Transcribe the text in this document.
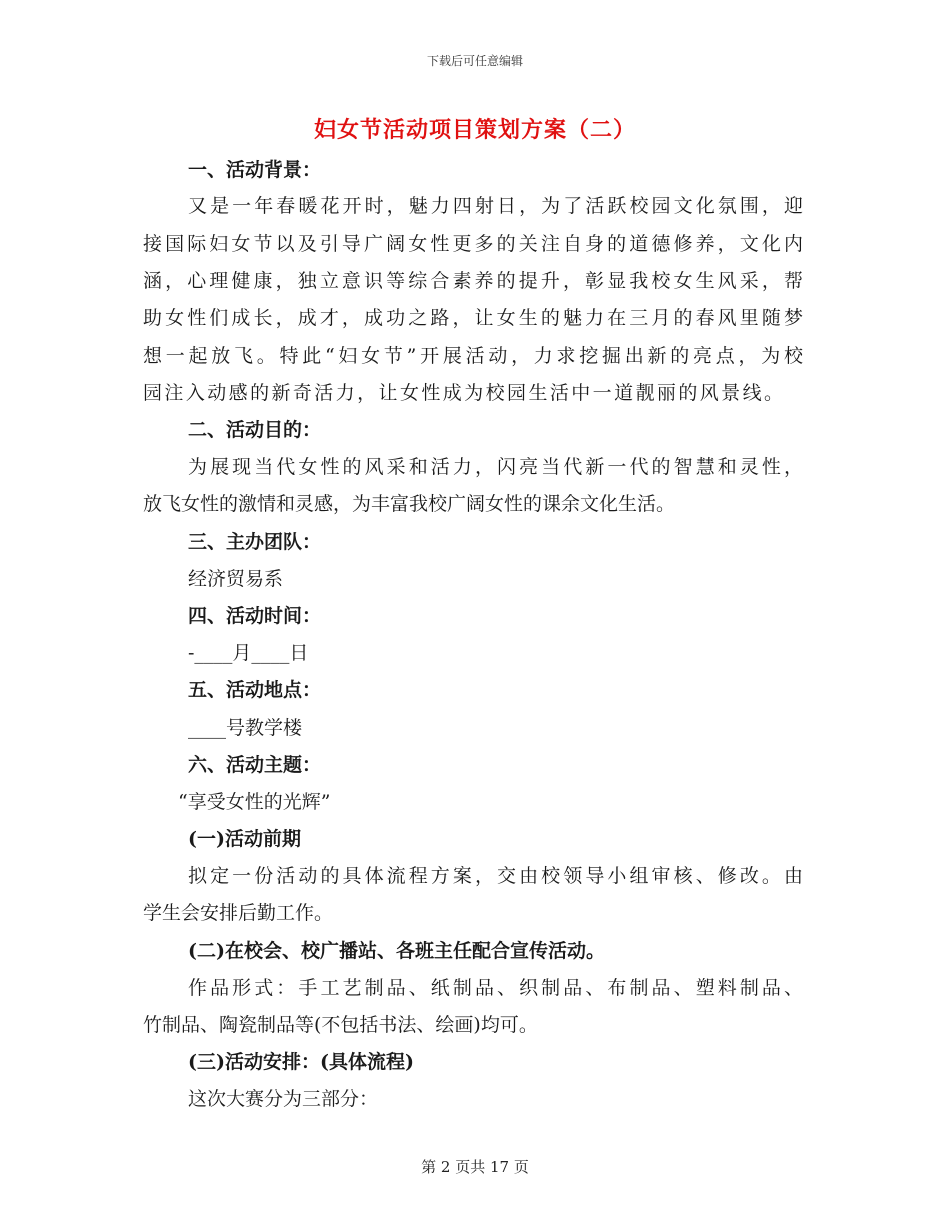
下载后可任意编辑
妇女节活动项目策划方案（二）
一、活动背景：
又是一年春暖花开时，魅力四射日，为了活跃校园文化氛围，迎
接国际妇女节以及引导广阔女性更多的关注自身的道德修养，文化内
涵，心理健康，独立意识等综合素养的提升，彰显我校女生风采，帮
助女性们成长，成才，成功之路，让女生的魅力在三月的春风里随梦
想一起放飞。特此“妇女节”开展活动，力求挖掘出新的亮点，为校
园注入动感的新奇活力，让女性成为校园生活中一道靓丽的风景线。
二、活动目的：
为展现当代女性的风采和活力，闪亮当代新一代的智慧和灵性，
放飞女性的激情和灵感，为丰富我校广阔女性的课余文化生活。
三、主办团队：
经济贸易系
四、活动时间：
-____月____日
五、活动地点：
____号教学楼
六、活动主题：
“享受女性的光辉”
(一)活动前期
拟定一份活动的具体流程方案，交由校领导小组审核、修改。由
学生会安排后勤工作。
(二)在校会、校广播站、各班主任配合宣传活动。
作品形式：手工艺制品、纸制品、织制品、布制品、塑料制品、
竹制品、陶瓷制品等(不包括书法、绘画)均可。
(三)活动安排：(具体流程)
这次大赛分为三部分：
第 2 页共 17 页
